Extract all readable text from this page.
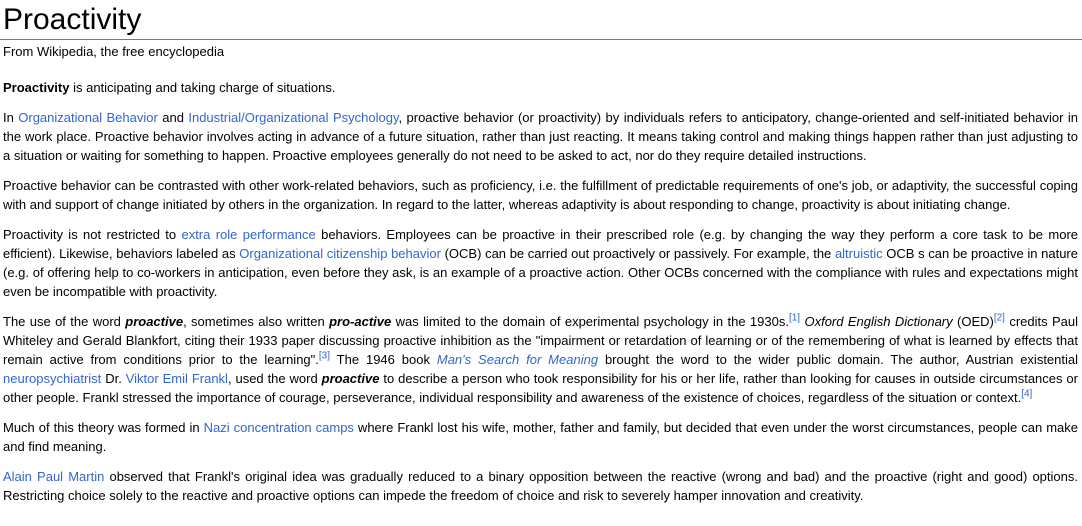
Proactivity
From Wikipedia, the free encyclopedia

Proactivity is anticipating and taking charge of situations.

In Organizational Behavior and Industrial/Organizational Psychology, proactive behavior (or proactivity) by individuals refers to anticipatory, change-oriented and self-initiated behavior in the work place. Proactive behavior involves acting in advance of a future situation, rather than just reacting. It means taking control and making things happen rather than just adjusting to a situation or waiting for something to happen. Proactive employees generally do not need to be asked to act, nor do they require detailed instructions.

Proactive behavior can be contrasted with other work-related behaviors, such as proficiency, i.e. the fulfillment of predictable requirements of one's job, or adaptivity, the successful coping with and support of change initiated by others in the organization. In regard to the latter, whereas adaptivity is about responding to change, proactivity is about initiating change.

Proactivity is not restricted to extra role performance behaviors. Employees can be proactive in their prescribed role (e.g. by changing the way they perform a core task to be more efficient). Likewise, behaviors labeled as Organizational citizenship behavior (OCB) can be carried out proactively or passively. For example, the altruistic OCB s can be proactive in nature (e.g. of offering help to co-workers in anticipation, even before they ask, is an example of a proactive action. Other OCBs concerned with the compliance with rules and expectations might even be incompatible with proactivity.

The use of the word proactive, sometimes also written pro-active was limited to the domain of experimental psychology in the 1930s.[1] Oxford English Dictionary (OED)[2] credits Paul Whiteley and Gerald Blankfort, citing their 1933 paper discussing proactive inhibition as the "impairment or retardation of learning or of the remembering of what is learned by effects that remain active from conditions prior to the learning".[3] The 1946 book Man's Search for Meaning brought the word to the wider public domain. The author, Austrian existential neuropsychiatrist Dr. Viktor Emil Frankl, used the word proactive to describe a person who took responsibility for his or her life, rather than looking for causes in outside circumstances or other people. Frankl stressed the importance of courage, perseverance, individual responsibility and awareness of the existence of choices, regardless of the situation or context.[4]

Much of this theory was formed in Nazi concentration camps where Frankl lost his wife, mother, father and family, but decided that even under the worst circumstances, people can make and find meaning.

Alain Paul Martin observed that Frankl's original idea was gradually reduced to a binary opposition between the reactive (wrong and bad) and the proactive (right and good) options. Restricting choice solely to the reactive and proactive options can impede the freedom of choice and risk to severely hamper innovation and creativity.
